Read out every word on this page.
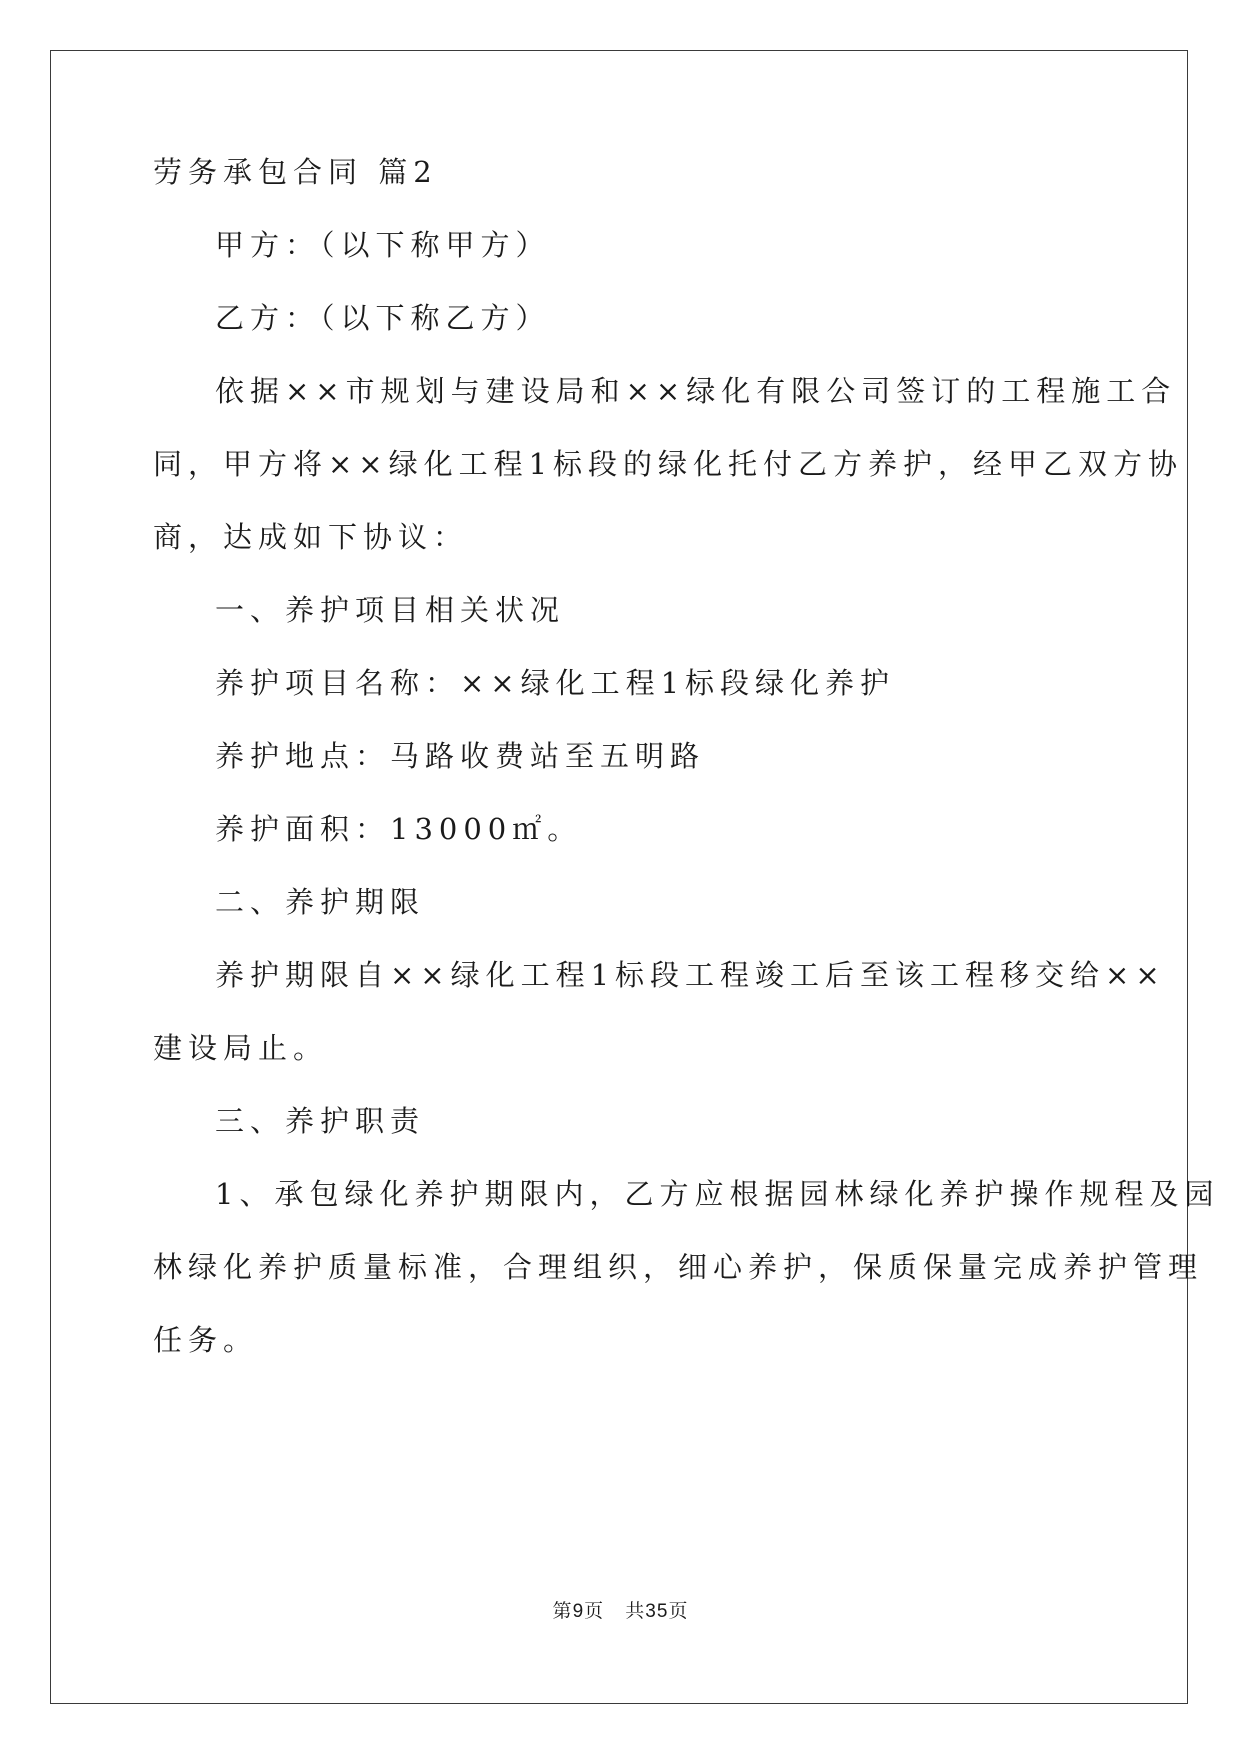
劳务承包合同 篇2
甲方：（以下称甲方）
乙方：（以下称乙方）
依据××市规划与建设局和××绿化有限公司签订的工程施工合
同，甲方将××绿化工程1标段的绿化托付乙方养护，经甲乙双方协
商，达成如下协议：
一、养护项目相关状况
养护项目名称：××绿化工程1标段绿化养护
养护地点：马路收费站至五明路
养护面积：13000㎡。
二、养护期限
养护期限自××绿化工程1标段工程竣工后至该工程移交给××
建设局止。
三、养护职责
1、承包绿化养护期限内，乙方应根据园林绿化养护操作规程及园
林绿化养护质量标准，合理组织，细心养护，保质保量完成养护管理
任务。
第9页 共35页
